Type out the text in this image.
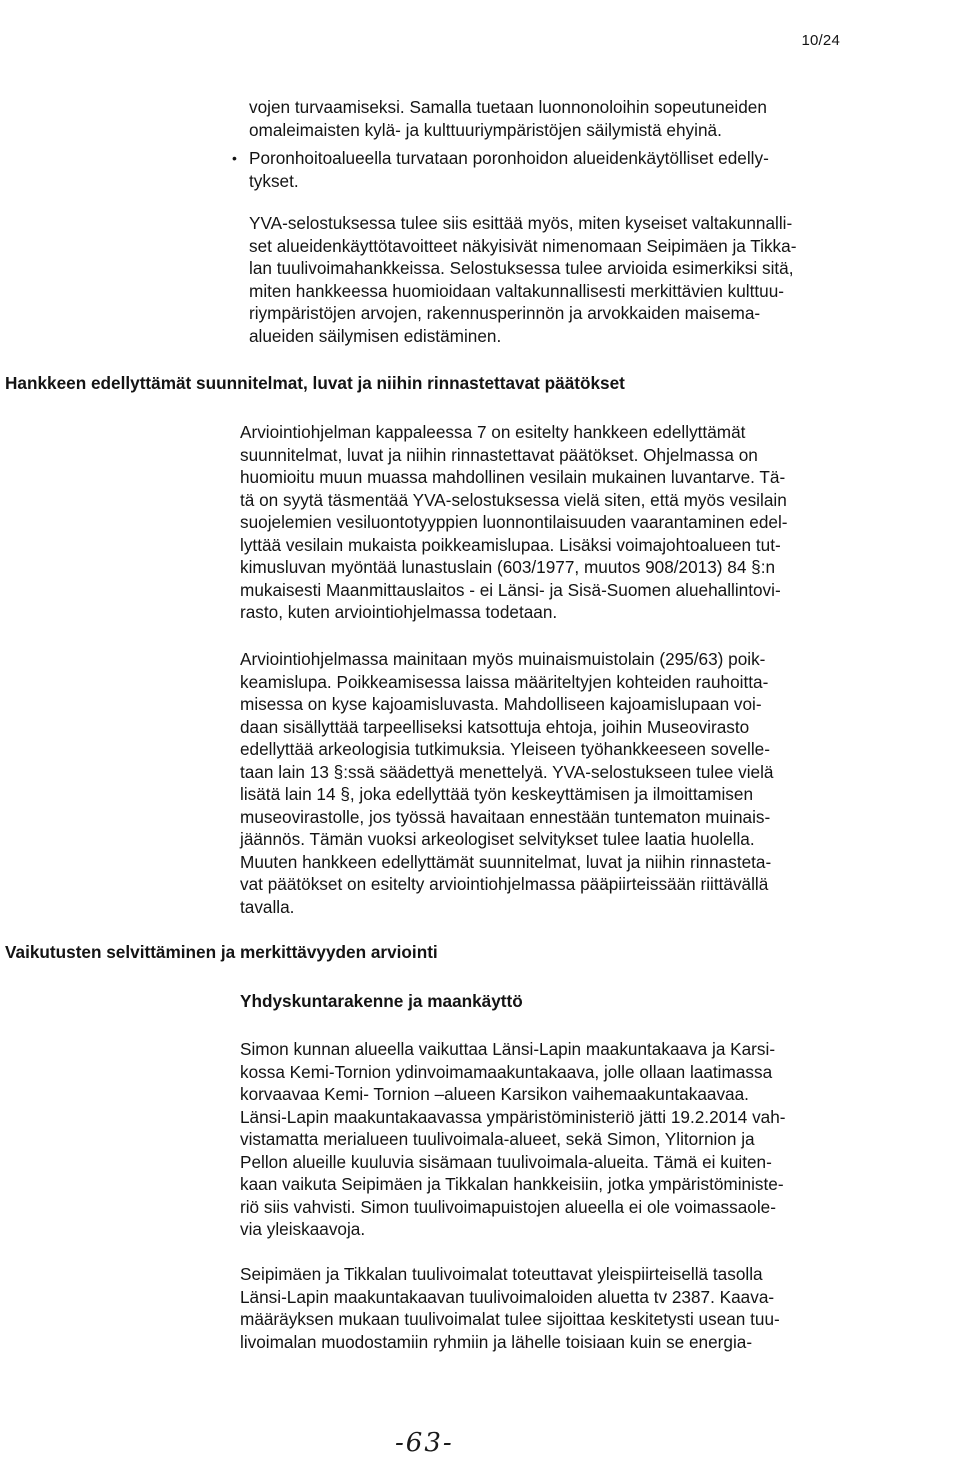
10/24
vojen turvaamiseksi. Samalla tuetaan luonnonoloihin sopeutuneiden
omaleimaisten kylä- ja kulttuuriympäristöjen säilymistä ehyinä.
• Poronhoitoalueella turvataan poronhoidon alueidenkäytölliset edelly-
tykset.
YVA-selostuksessa tulee siis esittää myös, miten kyseiset valtakunnalli-
set alueidenkäyttötavoitteet näkyisivät nimenomaan Seipimäen ja Tikka-
lan tuulivoimahankkeissa. Selostuksessa tulee arvioida esimerkiksi sitä,
miten hankkeessa huomioidaan valtakunnallisesti merkittävien kulttuu-
riympäristöjen arvojen, rakennusperinnön ja arvokkaiden maisema-
alueiden säilymisen edistäminen.
Hankkeen edellyttämät suunnitelmat, luvat ja niihin rinnastettavat päätökset
Arviointiohjelman kappaleessa 7 on esitelty hankkeen edellyttämät
suunnitelmat, luvat ja niihin rinnastettavat päätökset. Ohjelmassa on
huomioitu muun muassa mahdollinen vesilain mukainen luvantarve. Tä-
tä on syytä täsmentää YVA-selostuksessa vielä siten, että myös vesilain
suojelemien vesiluontotyyppien luonnontilaisuuden vaarantaminen edel-
lyttää vesilain mukaista poikkeamislupaa. Lisäksi voimajohtoalueen tut-
kimusluvan myöntää lunastuslain (603/1977, muutos 908/2013) 84 §:n
mukaisesti Maanmittauslaitos - ei Länsi- ja Sisä-Suomen aluehallintovi-
rasto, kuten arviointiohjelmassa todetaan.
Arviointiohjelmassa mainitaan myös muinaismuistolain (295/63) poik-
keamislupa. Poikkeamisessa laissa määriteltyjen kohteiden rauhoitta-
misessa on kyse kajoamisluvasta. Mahdolliseen kajoamislupaan voi-
daan sisällyttää tarpeelliseksi katsottuja ehtoja, joihin Museovirasto
edellyttää arkeologisia tutkimuksia. Yleiseen työhankkeeseen sovelle-
taan lain 13 §:ssä säädettyä menettelyä. YVA-selostukseen tulee vielä
lisätä lain 14 §, joka edellyttää työn keskeyttämisen ja ilmoittamisen
museovirastolle, jos työssä havaitaan ennestään tuntematon muinais-
jäännös. Tämän vuoksi arkeologiset selvitykset tulee laatia huolella.
Muuten hankkeen edellyttämät suunnitelmat, luvat ja niihin rinnasteta-
vat päätökset on esitelty arviointiohjelmassa pääpiirteissään riittävällä
tavalla.
Vaikutusten selvittäminen ja merkittävyyden arviointi
Yhdyskuntarakenne ja maankäyttö
Simon kunnan alueella vaikuttaa Länsi-Lapin maakuntakaava ja Karsi-
kossa Kemi-Tornion ydinvoimamaakuntakaava, jolle ollaan laatimassa
korvaavaa Kemi- Tornion –alueen Karsikon vaihemaakuntakaavaa.
Länsi-Lapin maakuntakaavassa ympäristöministeriö jätti 19.2.2014 vah-
vistamatta merialueen tuulivoimala-alueet, sekä Simon, Ylitornion ja
Pellon alueille kuuluvia sisämaan tuulivoimala-alueita. Tämä ei kuiten-
kaan vaikuta Seipimäen ja Tikkalan hankkeisiin, jotka ympäristöministe-
riö siis vahvisti. Simon tuulivoimapuistojen alueella ei ole voimassaole-
via yleiskaavoja.
Seipimäen ja Tikkalan tuulivoimalat toteuttavat yleispiirteisellä tasolla
Länsi-Lapin maakuntakaavan tuulivoimaloiden aluetta tv 2387. Kaava-
määräyksen mukaan tuulivoimalat tulee sijoittaa keskitetysti usean tuu-
livoimalan muodostamiin ryhmiin ja lähelle toisiaan kuin se energia-
-63-
